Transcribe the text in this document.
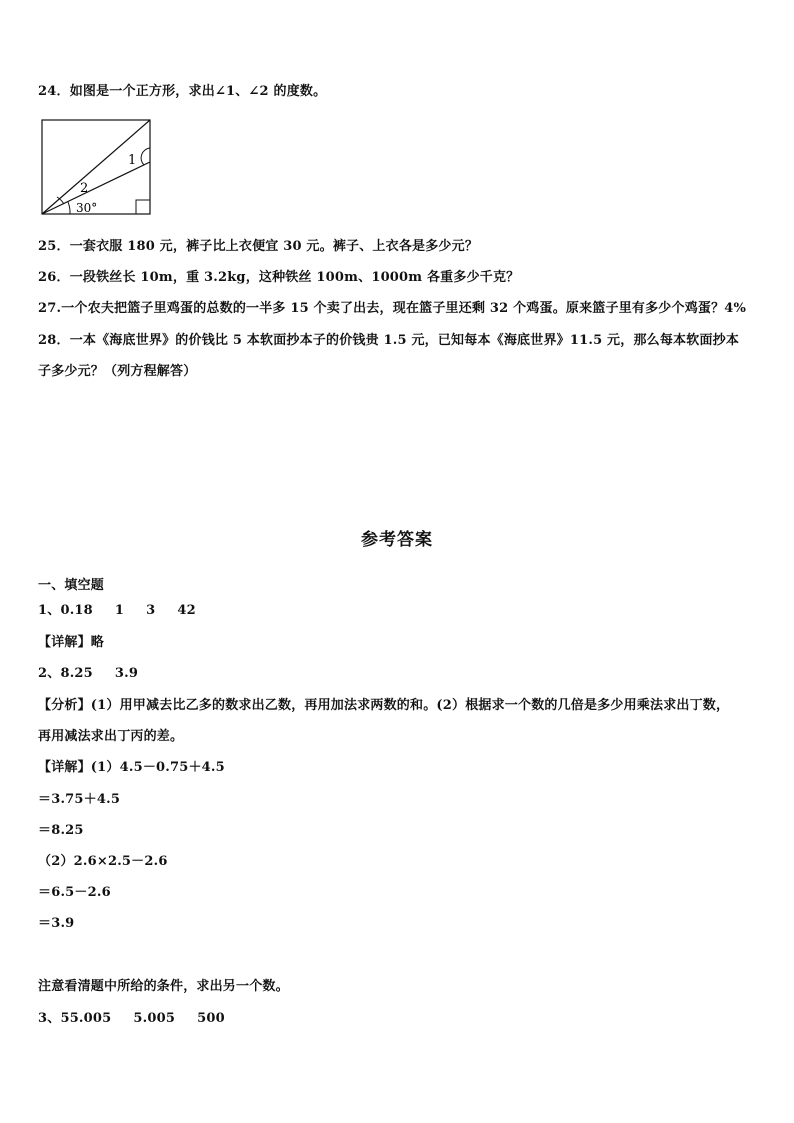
24．如图是一个正方形，求出∠1、∠2 的度数。
1
2
30°
25．一套衣服 180 元，裤子比上衣便宜 30 元。裤子、上衣各是多少元？
26．一段铁丝长 10m，重 3.2kg，这种铁丝 100m、1000m 各重多少千克？
27.一个农夫把篮子里鸡蛋的总数的一半多 15 个卖了出去，现在篮子里还剩 32 个鸡蛋。原来篮子里有多少个鸡蛋？4%
28．一本《海底世界》的价钱比 5 本软面抄本子的价钱贵 1.5 元，已知每本《海底世界》11.5 元，那么每本软面抄本
子多少元？（列方程解答）
参考答案
一、填空题
1、0.18 1 3 42
【详解】略
2、8.25 3.9
【分析】(1）用甲减去比乙多的数求出乙数，再用加法求两数的和。(2）根据求一个数的几倍是多少用乘法求出丁数，
再用减法求出丁丙的差。
【详解】(1）4.5－0.75＋4.5
＝3.75＋4.5
＝8.25
（2）2.6×2.5－2.6
＝6.5－2.6
＝3.9
注意看清题中所给的条件，求出另一个数。
3、55.005 5.005 500
